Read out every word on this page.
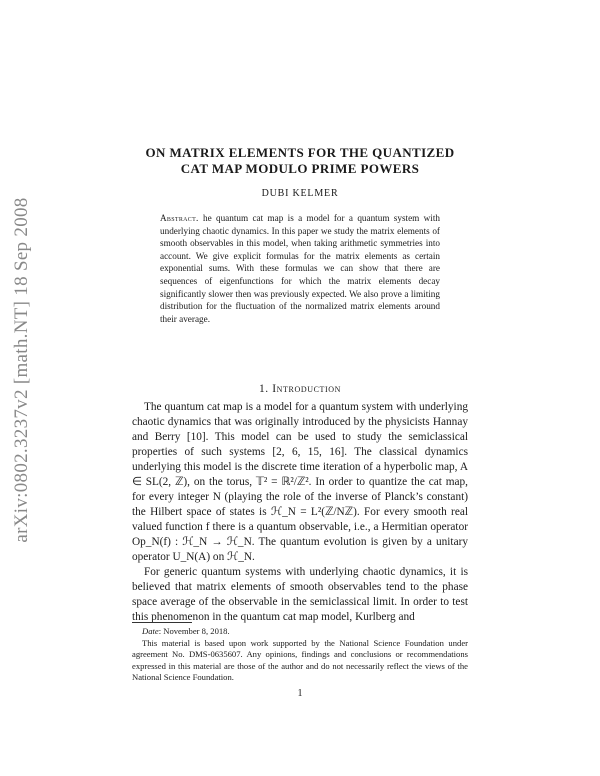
arXiv:0802.3237v2 [math.NT] 18 Sep 2008
ON MATRIX ELEMENTS FOR THE QUANTIZED
CAT MAP MODULO PRIME POWERS
DUBI KELMER

Abstract. he quantum cat map is a model for a quantum system with underlying chaotic dynamics. In this paper we study the matrix elements of smooth observables in this model, when taking arithmetic symmetries into account. We give explicit formulas for the matrix elements as certain exponential sums. With these formulas we can show that there are sequences of eigenfunctions for which the matrix elements decay significantly slower then was previously expected. We also prove a limiting distribution for the fluctuation of the normalized matrix elements around their average.

1. Introduction

The quantum cat map is a model for a quantum system with underlying chaotic dynamics that was originally introduced by the physicists Hannay and Berry [10]. This model can be used to study the semiclassical properties of such systems [2, 6, 15, 16]. The classical dynamics underlying this model is the discrete time iteration of a hyperbolic map, A ∈ SL(2, ℤ), on the torus, 𝕋² = ℝ²/ℤ². In order to quantize the cat map, for every integer N (playing the role of the inverse of Planck’s constant) the Hilbert space of states is ℋ_N = L²(ℤ/Nℤ). For every smooth real valued function f there is a quantum observable, i.e., a Hermitian operator Op_N(f) : ℋ_N → ℋ_N. The quantum evolution is given by a unitary operator U_N(A) on ℋ_N.

For generic quantum systems with underlying chaotic dynamics, it is believed that matrix elements of smooth observables tend to the phase space average of the observable in the semiclassical limit. In order to test this phenomenon in the quantum cat map model, Kurlberg and

Date: November 8, 2018.

This material is based upon work supported by the National Science Foundation under agreement No. DMS-0635607. Any opinions, findings and conclusions or recommendations expressed in this material are those of the author and do not necessarily reflect the views of the National Science Foundation.

1
